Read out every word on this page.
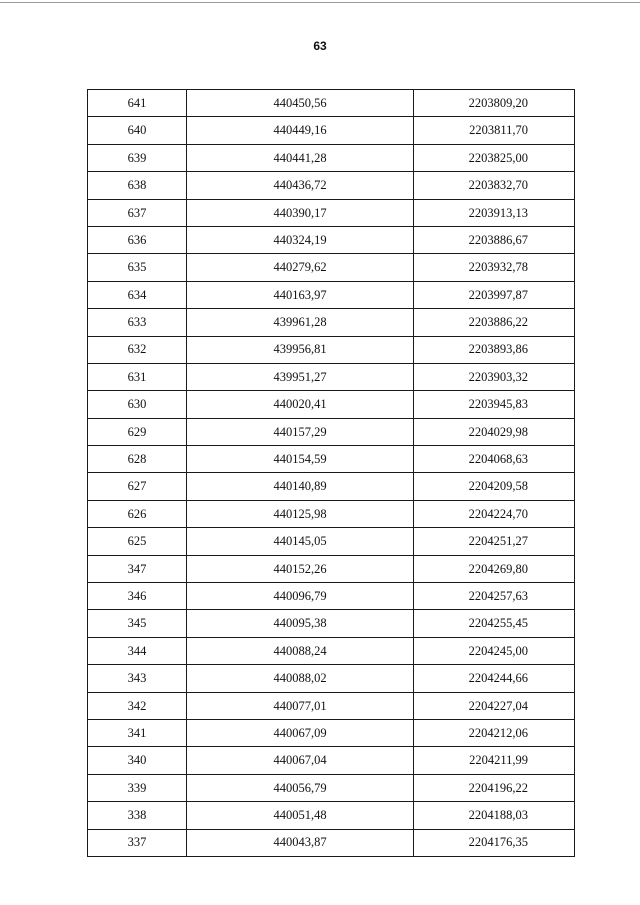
63
641	440450,56	2203809,20
640	440449,16	2203811,70
639	440441,28	2203825,00
638	440436,72	2203832,70
637	440390,17	2203913,13
636	440324,19	2203886,67
635	440279,62	2203932,78
634	440163,97	2203997,87
633	439961,28	2203886,22
632	439956,81	2203893,86
631	439951,27	2203903,32
630	440020,41	2203945,83
629	440157,29	2204029,98
628	440154,59	2204068,63
627	440140,89	2204209,58
626	440125,98	2204224,70
625	440145,05	2204251,27
347	440152,26	2204269,80
346	440096,79	2204257,63
345	440095,38	2204255,45
344	440088,24	2204245,00
343	440088,02	2204244,66
342	440077,01	2204227,04
341	440067,09	2204212,06
340	440067,04	2204211,99
339	440056,79	2204196,22
338	440051,48	2204188,03
337	440043,87	2204176,35
